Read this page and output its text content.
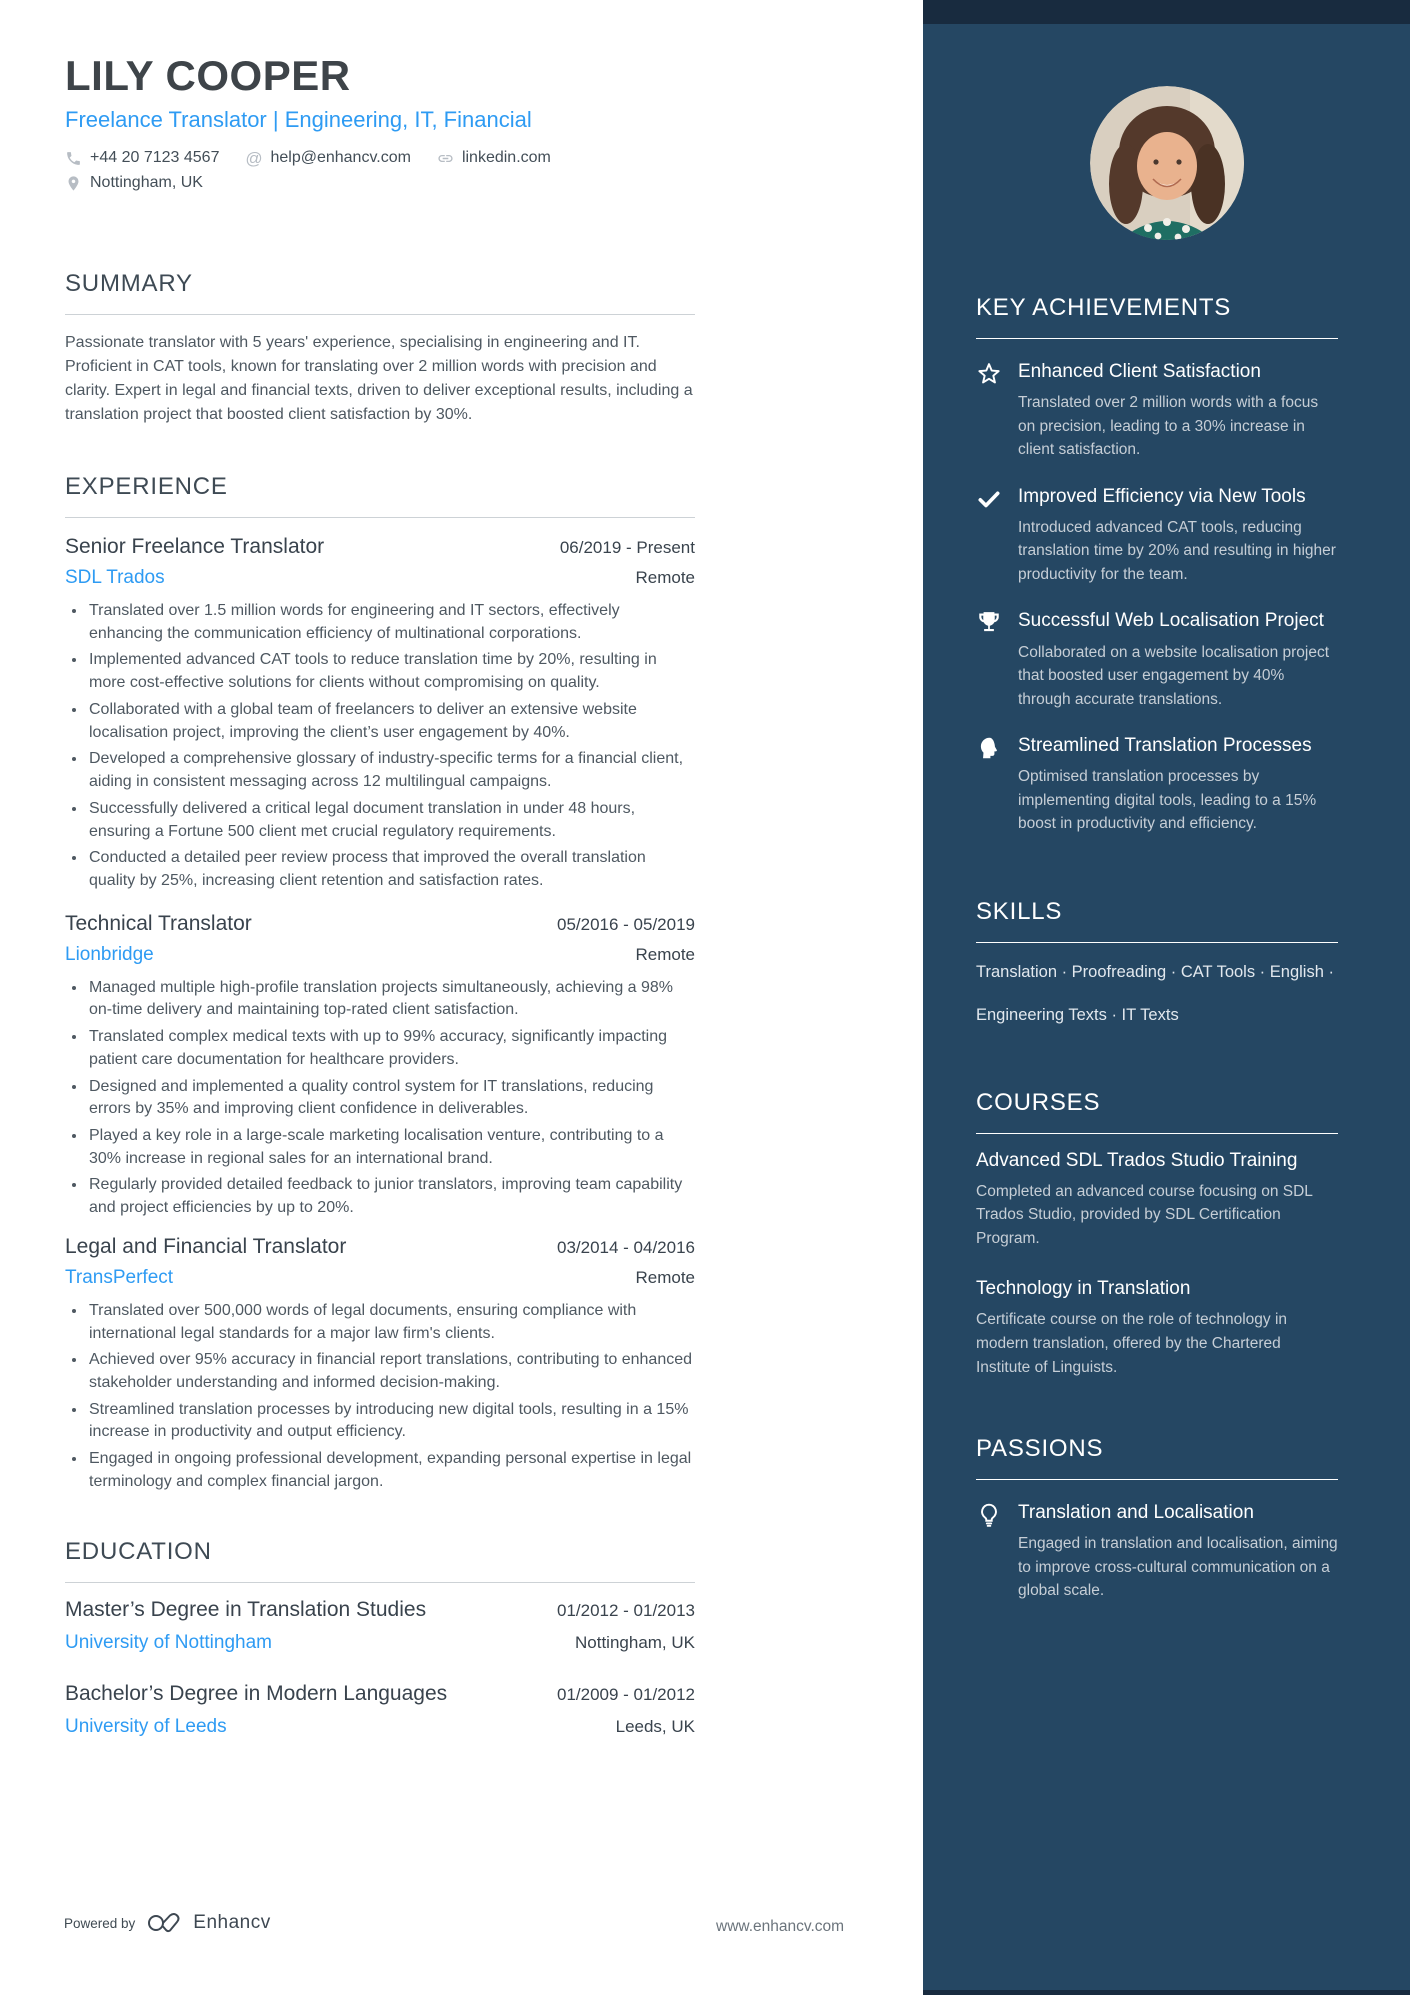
LILY COOPER
Freelance Translator | Engineering, IT, Financial
+44 20 7123 4567 @ help@enhancv.com	linkedin.com
Nottingham, UK
SUMMARY

Passionate translator with 5 years' experience, specialising in engineering and IT. Proficient in CAT tools, known for translating over 2 million words with precision and clarity. Expert in legal and financial texts, driven to deliver exceptional results, including a translation project that boosted client satisfaction by 30%.

EXPERIENCE
Senior Freelance Translator	06/2019 - Present
SDL Trados	Remote
Translated over 1.5 million words for engineering and IT sectors, effectively enhancing the communication efficiency of multinational corporations.
Implemented advanced CAT tools to reduce translation time by 20%, resulting in more cost-effective solutions for clients without compromising on quality.
Collaborated with a global team of freelancers to deliver an extensive website localisation project, improving the client’s user engagement by 40%.
Developed a comprehensive glossary of industry-specific terms for a financial client, aiding in consistent messaging across 12 multilingual campaigns.
Successfully delivered a critical legal document translation in under 48 hours, ensuring a Fortune 500 client met crucial regulatory requirements.
Conducted a detailed peer review process that improved the overall translation quality by 25%, increasing client retention and satisfaction rates.
Technical Translator	05/2016 - 05/2019
Lionbridge	Remote
Managed multiple high-profile translation projects simultaneously, achieving a 98% on-time delivery and maintaining top-rated client satisfaction.
Translated complex medical texts with up to 99% accuracy, significantly impacting patient care documentation for healthcare providers.
Designed and implemented a quality control system for IT translations, reducing errors by 35% and improving client confidence in deliverables.
Played a key role in a large-scale marketing localisation venture, contributing to a 30% increase in regional sales for an international brand.
Regularly provided detailed feedback to junior translators, improving team capability and project efficiencies by up to 20%.
Legal and Financial Translator	03/2014 - 04/2016
TransPerfect	Remote
Translated over 500,000 words of legal documents, ensuring compliance with international legal standards for a major law firm's clients.
Achieved over 95% accuracy in financial report translations, contributing to enhanced stakeholder understanding and informed decision-making.
Streamlined translation processes by introducing new digital tools, resulting in a 15% increase in productivity and output efficiency.
Engaged in ongoing professional development, expanding personal expertise in legal terminology and complex financial jargon.
EDUCATION
Master’s Degree in Translation Studies	01/2012 - 01/2013
University of Nottingham	Nottingham, UK
Bachelor’s Degree in Modern Languages	01/2009 - 01/2012
University of Leeds	Leeds, UK
KEY ACHIEVEMENTS
Enhanced Client Satisfaction
Translated over 2 million words with a focus on precision, leading to a 30% increase in client satisfaction.
Improved Efficiency via New Tools
Introduced advanced CAT tools, reducing translation time by 20% and resulting in higher productivity for the team.
Successful Web Localisation Project
Collaborated on a website localisation project that boosted user engagement by 40% through accurate translations.
Streamlined Translation Processes
Optimised translation processes by implementing digital tools, leading to a 15% boost in productivity and efficiency.
SKILLS

Translation · Proofreading · CAT Tools · English · Engineering Texts · IT Texts

COURSES
Advanced SDL Trados Studio Training
Completed an advanced course focusing on SDL Trados Studio, provided by SDL Certification Program.
Technology in Translation
Certificate course on the role of technology in modern translation, offered by the Chartered Institute of Linguists.
PASSIONS
Translation and Localisation
Engaged in translation and localisation, aiming to improve cross-cultural communication on a global scale.
Powered by	Enhancv	www.enhancv.com
